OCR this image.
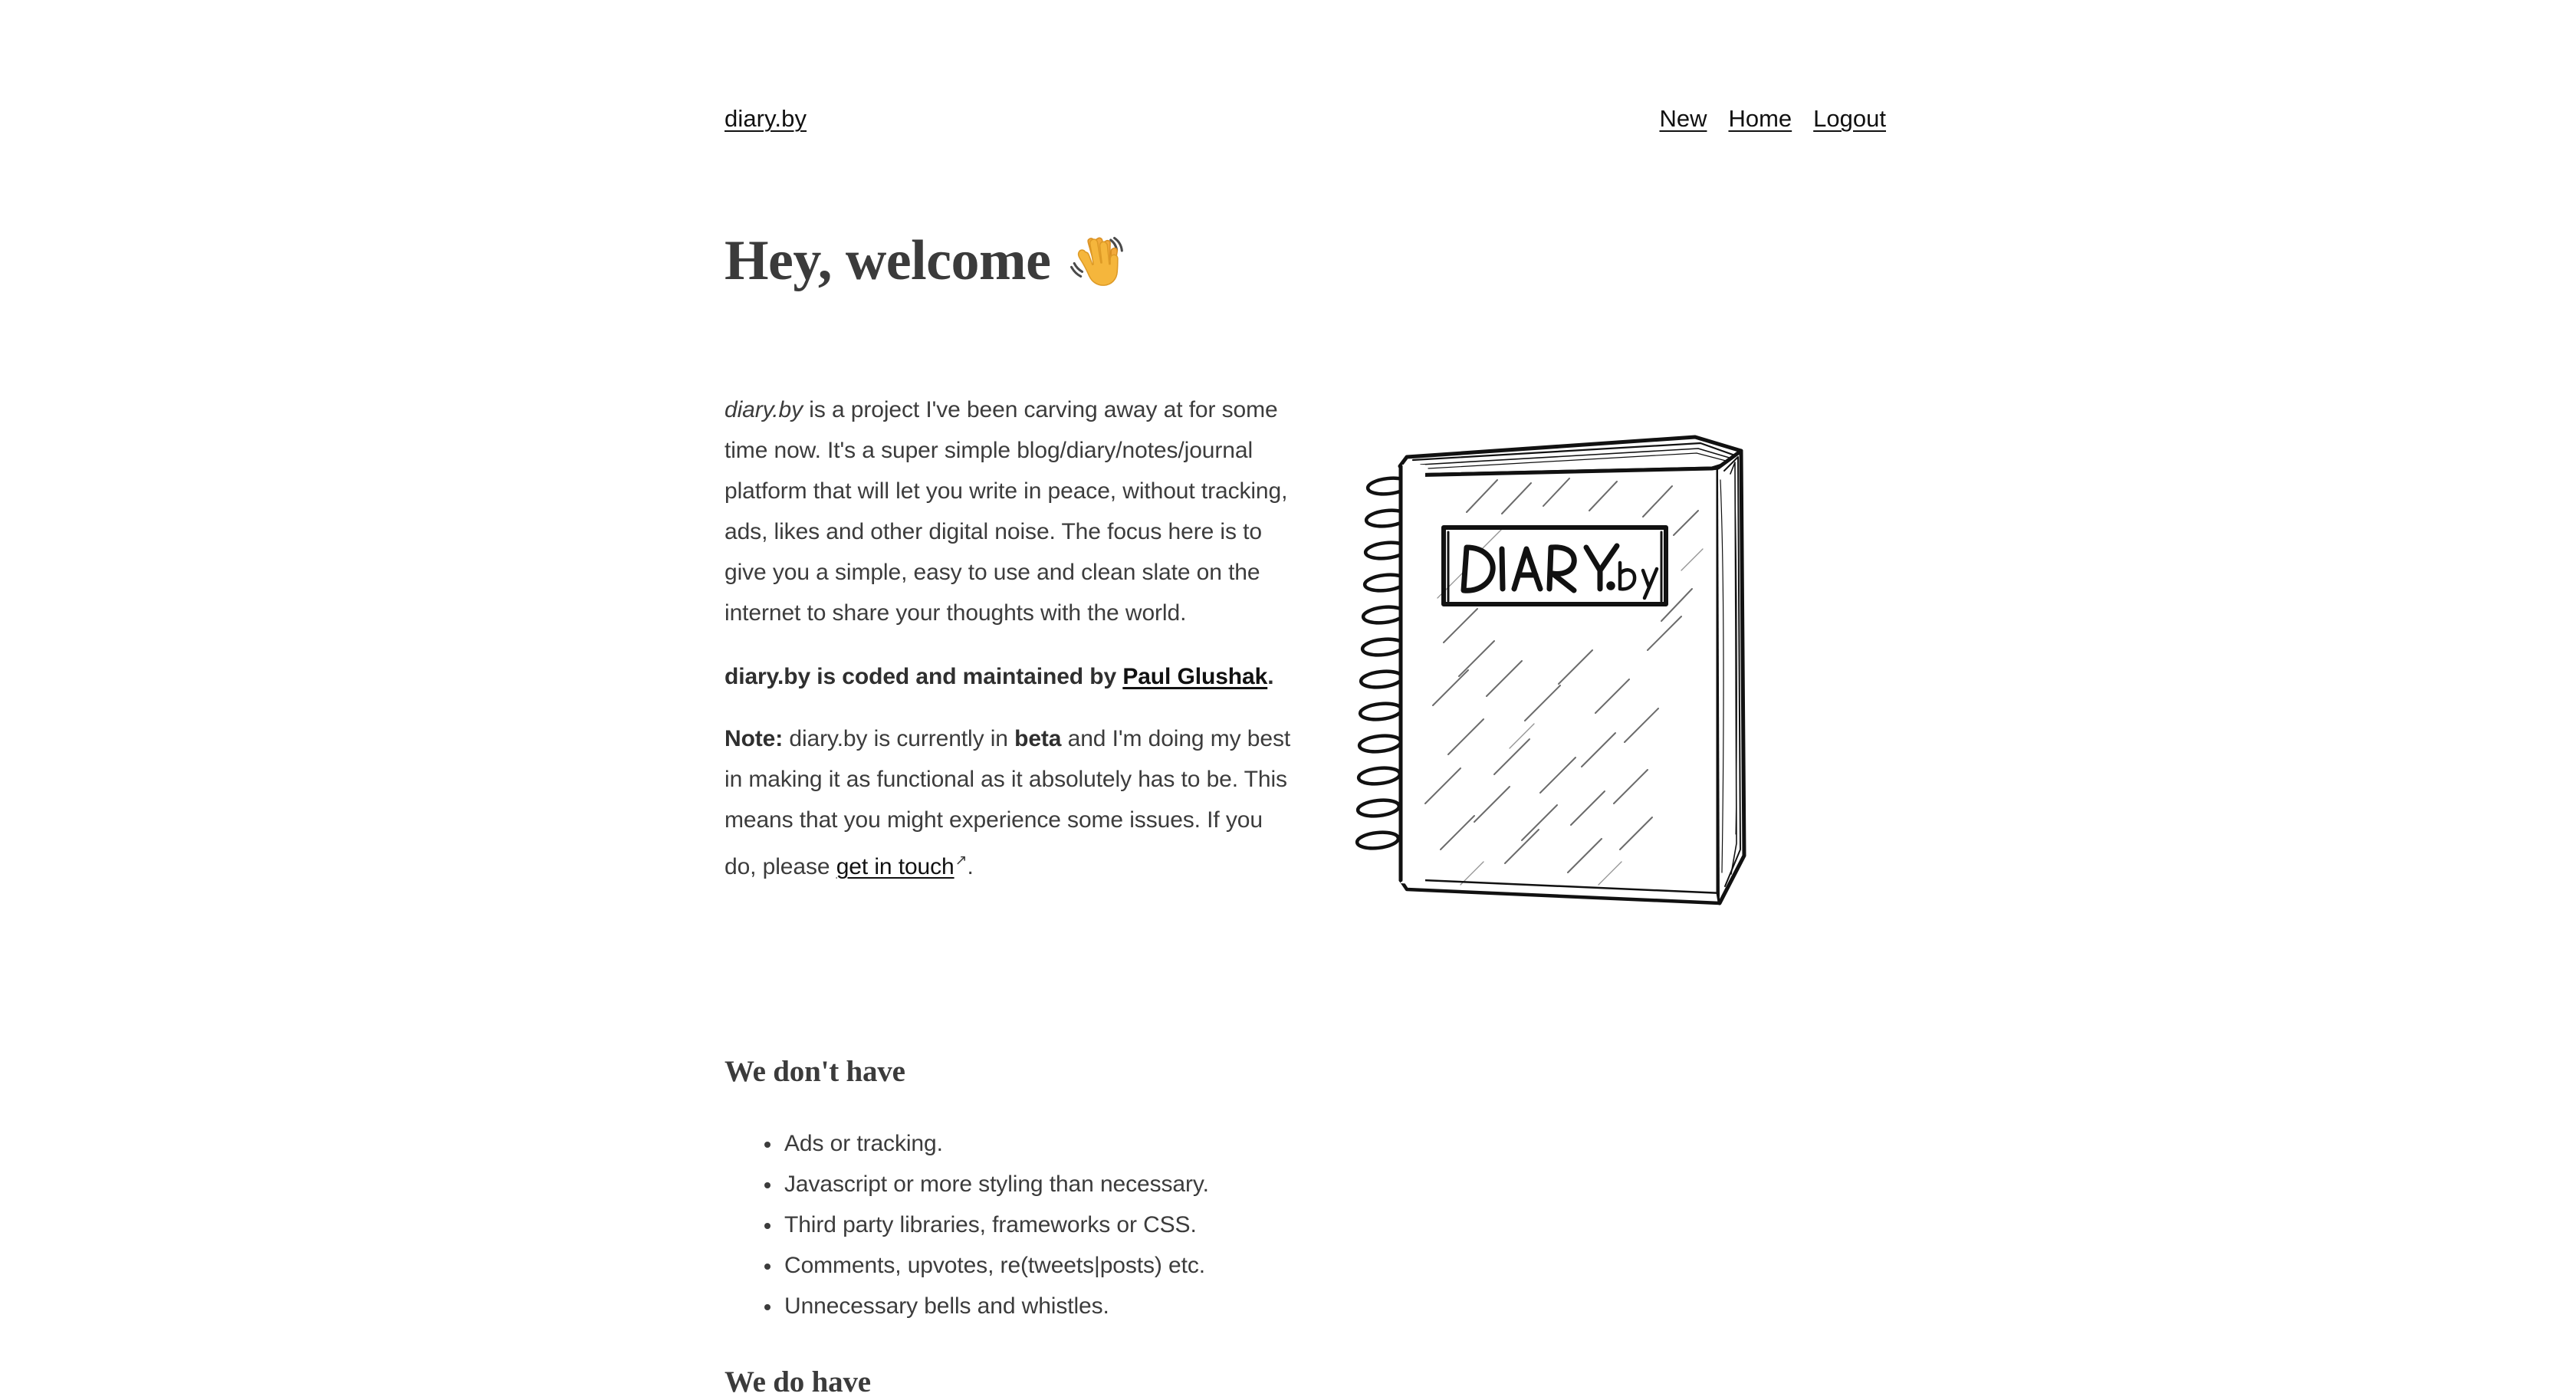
diary.by	New Home Logout
Hey, welcome

diary.by is a project I've been carving away at for some time now. It's a super simple blog/diary/notes/journal platform that will let you write in peace, without tracking, ads, likes and other digital noise. The focus here is to give you a simple, easy to use and clean slate on the internet to share your thoughts with the world.

diary.by is coded and maintained by Paul Glushak.

Note: diary.by is currently in beta and I'm doing my best in making it as functional as it absolutely has to be. This means that you might experience some issues. If you do, please get in touch↗.

We don't have
Ads or tracking.
Javascript or more styling than necessary.
Third party libraries, frameworks or CSS.
Comments, upvotes, re(tweets|posts) etc.
Unnecessary bells and whistles.
We do have
